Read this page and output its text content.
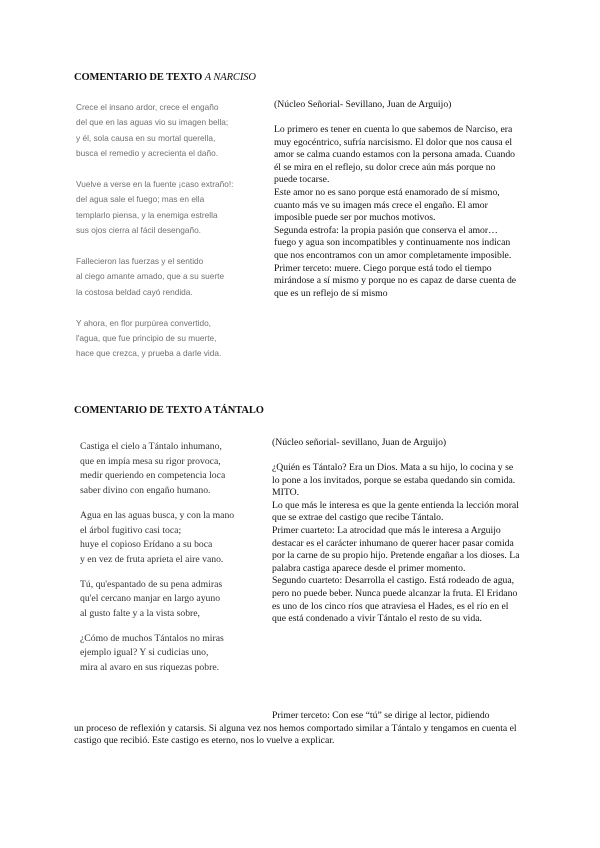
COMENTARIO DE TEXTO A NARCISO
Crece el insano ardor, crece el engaño
del que en las aguas vio su imagen bella;
y él, sola causa en su mortal querella,
busca el remedio y acrecienta el daño.
Vuelve a verse en la fuente ¡caso extraño!:
del agua sale el fuego; mas en ella
templarlo piensa, y la enemiga estrella
sus ojos cierra al fácil desengaño.
Fallecieron las fuerzas y el sentido
al ciego amante amado, que a su suerte
la costosa beldad cayó rendida.
Y ahora, en flor purpúrea convertido,
l'agua, que fue principio de su muerte,
hace que crezca, y prueba a darle vida.

(Núcleo Señorial- Sevillano, Juan de Arguijo)

Lo primero es tener en cuenta lo que sabemos de Narciso, era muy egocéntrico, sufría narcisismo. El dolor que nos causa el amor se calma cuando estamos con la persona amada. Cuando él se mira en el reflejo, su dolor crece aún más porque no puede tocarse.

Este amor no es sano porque está enamorado de sí mismo, cuanto más ve su imagen más crece el engaño. El amor imposible puede ser por muchos motivos.

Segunda estrofa: la propia pasión que conserva el amor…fuego y agua son incompatibles y continuamente nos indican que nos encontramos con un amor completamente imposible.

Primer terceto: muere. Ciego porque está todo el tiempo mirándose a sí mismo y porque no es capaz de darse cuenta de que es un reflejo de sí mismo

COMENTARIO DE TEXTO A TÁNTALO
Castiga el cielo a Tántalo inhumano,
que en impía mesa su rigor provoca,
medir queriendo en competencia loca
saber divino con engaño humano.
Agua en las aguas busca, y con la mano
el árbol fugitivo casi toca;
huye el copioso Erídano a su boca
y en vez de fruta aprieta el aire vano.
Tú, qu'espantado de su pena admiras
qu'el cercano manjar en largo ayuno
al gusto falte y a la vista sobre,
¿Cómo de muchos Tántalos no miras
ejemplo igual? Y si cudicias uno,
mira al avaro en sus riquezas pobre.

(Núcleo señorial- sevillano, Juan de Arguijo)

¿Quién es Tántalo? Era un Dios. Mata a su hijo, lo cocina y se lo pone a los invitados, porque se estaba quedando sin comida. MITO.

Lo que más le interesa es que la gente entienda la lección moral que se extrae del castigo que recibe Tántalo.

Primer cuarteto: La atrocidad que más le interesa a Arguijo destacar es el carácter inhumano de querer hacer pasar comida por la carne de su propio hijo. Pretende engañar a los dioses. La palabra castiga aparece desde el primer momento.

Segundo cuarteto: Desarrolla el castigo. Está rodeado de agua, pero no puede beber. Nunca puede alcanzar la fruta. El Eridano es uno de los cinco ríos que atraviesa el Hades, es el río en el que está condenado a vivir Tántalo el resto de su vida.

Primer terceto: Con ese “tú” se dirige al lector, pidiendo
un proceso de reflexión y catarsis. Si alguna vez nos hemos comportado similar a Tántalo y tengamos en cuenta el castigo que recibió. Este castigo es eterno, nos lo vuelve a explicar.
